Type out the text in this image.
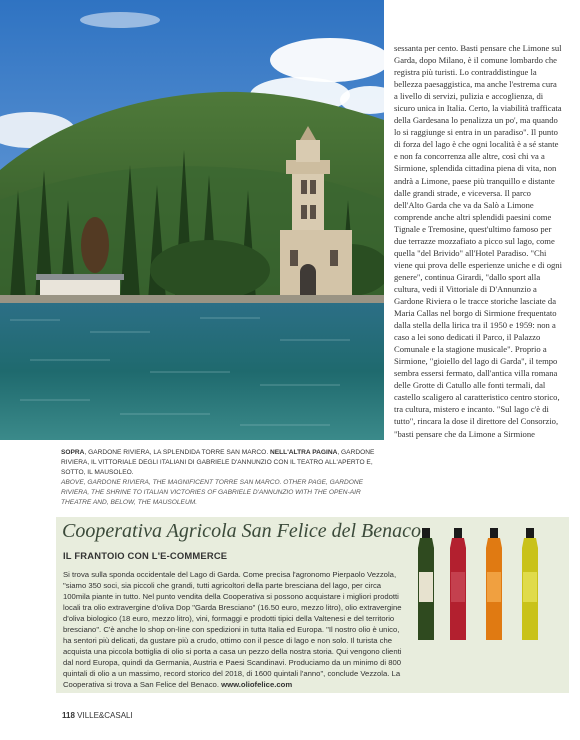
sessanta per cento. Basti pensare che Limone sul Garda, dopo Milano, è il comune lombardo che registra più turisti. Lo contraddistingue la bellezza paesaggistica, ma anche l'estrema cura a livello di servizi, pulizia e accoglienza, di sicuro unica in Italia. Certo, la viabilità trafficata della Gardesana lo penalizza un po', ma quando lo si raggiunge si entra in un paradiso". Il punto di forza del lago è che ogni località è a sé stante e non fa concorrenza alle altre, così chi va a Sirmione, splendida cittadina piena di vita, non andrà a Limone, paese più tranquillo e distante dalle grandi strade, e viceversa. Il parco dell'Alto Garda che va da Salò a Limone comprende anche altri splendidi paesini come Tignale e Tremosine, quest'ultimo famoso per due terrazze mozzafiato a picco sul lago, come quella "del Brivido" all'Hotel Paradiso. "Chi viene qui prova delle esperienze uniche e di ogni genere", continua Girardi, "dallo sport alla cultura, vedi il Vittoriale di D'Annunzio a Gardone Riviera o le tracce storiche lasciate da Maria Callas nel borgo di Sirmione frequentato dalla stella della lirica tra il 1950 e 1959: non a caso a lei sono dedicati il Parco, il Palazzo Comunale e la stagione musicale". Proprio a Sirmione, "gioiello del lago di Garda", il tempo sembra essersi fermato, dall'antica villa romana delle Grotte di Catullo alle fonti termali, dal castello scaligero al caratteristico centro storico, tra cultura, mistero e incanto. "Sul lago c'è di tutto", rincara la dose il direttore del Consorzio, "basti pensare che da Limone a Sirmione

SOPRA, GARDONE RIVIERA, LA SPLENDIDA TORRE SAN MARCO. NELL'ALTRA PAGINA, GARDONE RIVIERA, IL VITTORIALE DEGLI ITALIANI DI GABRIELE D'ANNUNZIO CON IL TEATRO ALL'APERTO E, SOTTO, IL MAUSOLEO.
ABOVE, GARDONE RIVIERA, THE MAGNIFICENT TORRE SAN MARCO. OTHER PAGE, GARDONE RIVIERA, THE SHRINE TO ITALIAN VICTORIES OF GABRIELE D'ANNUNZIO WITH THE OPEN-AIR THEATRE AND, BELOW, THE MAUSOLEUM.
Cooperativa Agricola San Felice del Benaco
IL FRANTOIO CON L'E-COMMERCE
Si trova sulla sponda occidentale del Lago di Garda. Come precisa l'agronomo Pierpaolo Vezzola, "siamo 350 soci, sia piccoli che grandi, tutti agricoltori della parte bresciana del lago, per circa 100mila piante in tutto. Nel punto vendita della Cooperativa si possono acquistare i migliori prodotti locali tra olio extravergine d'oliva Dop "Garda Bresciano" (16.50 euro, mezzo litro), olio extravergine d'oliva biologico (18 euro, mezzo litro), vini, formaggi e prodotti tipici della Valtenesi e del territorio bresciano". C'è anche lo shop on-line con spedizioni in tutta Italia ed Europa. "Il nostro olio è unico, ha sentori più delicati, da gustare più a crudo, ottimo con il pesce di lago e non solo. Il turista che acquista una piccola bottiglia di olio si porta a casa un pezzo della nostra storia. Qui vengono clienti dal nord Europa, quindi da Germania, Austria e Paesi Scandinavi. Produciamo da un minimo di 800 quintali di olio a un massimo, record storico del 2018, di 1600 quintali l'anno", conclude Vezzola. La Cooperativa si trova a San Felice del Benaco. www.oliofelice.com
118 VILLE&CASALI
